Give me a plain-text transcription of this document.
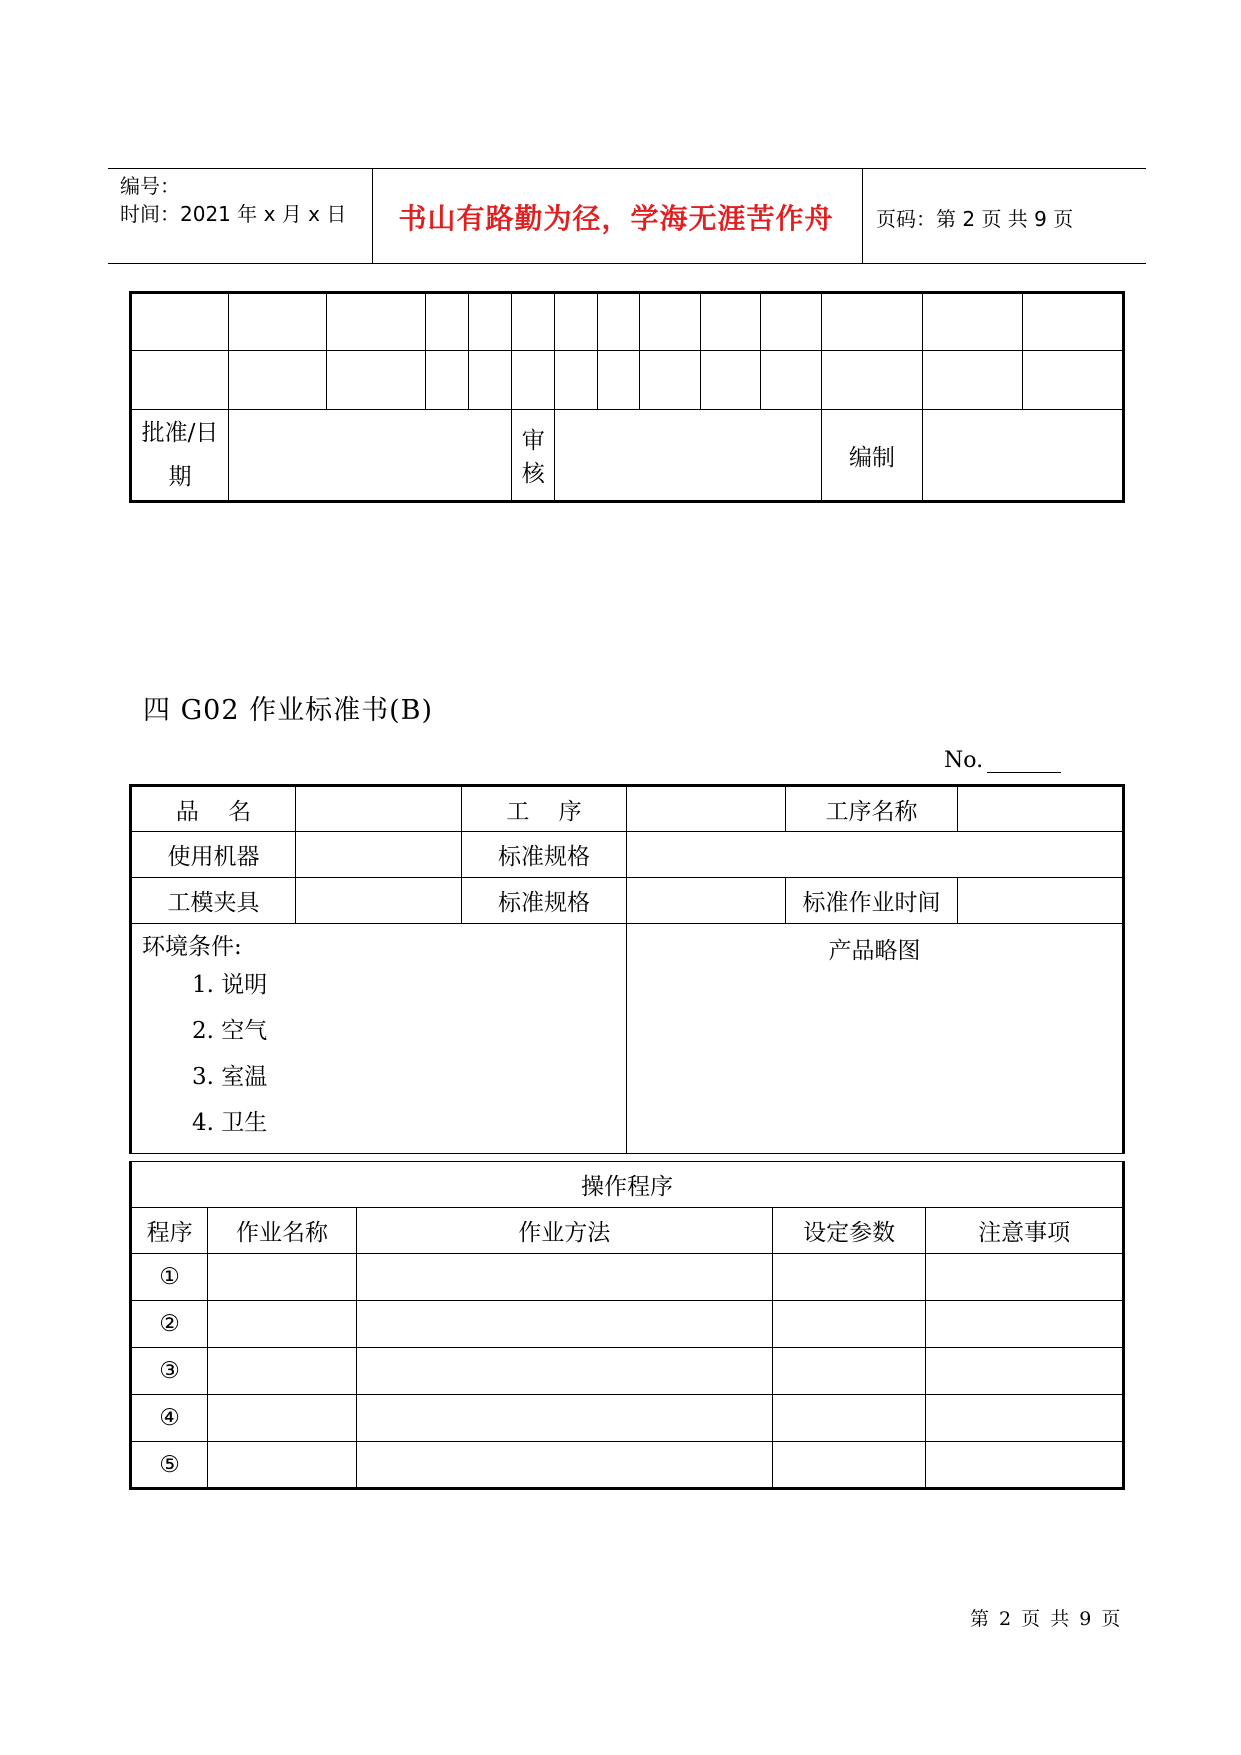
编号：
时间：2021 年 x 月 x 日	书山有路勤为径，学海无涯苦作舟	页码：第 2 页 共 9 页

批准/日期					审核						编制		
四 G02 作业标准书(B)
No.
品    名		工    序		工序名称	
使用机器		标准规格			
工模夹具		标准规格		标准作业时间	

环境条件:
1. 说明
2. 空气
3. 室温
4. 卫生			产品略图		
操作程序				
程序	作业名称	作业方法	设定参数	注意事项
①				
②				
③				
④				
⑤				
第 2 页 共 9 页
